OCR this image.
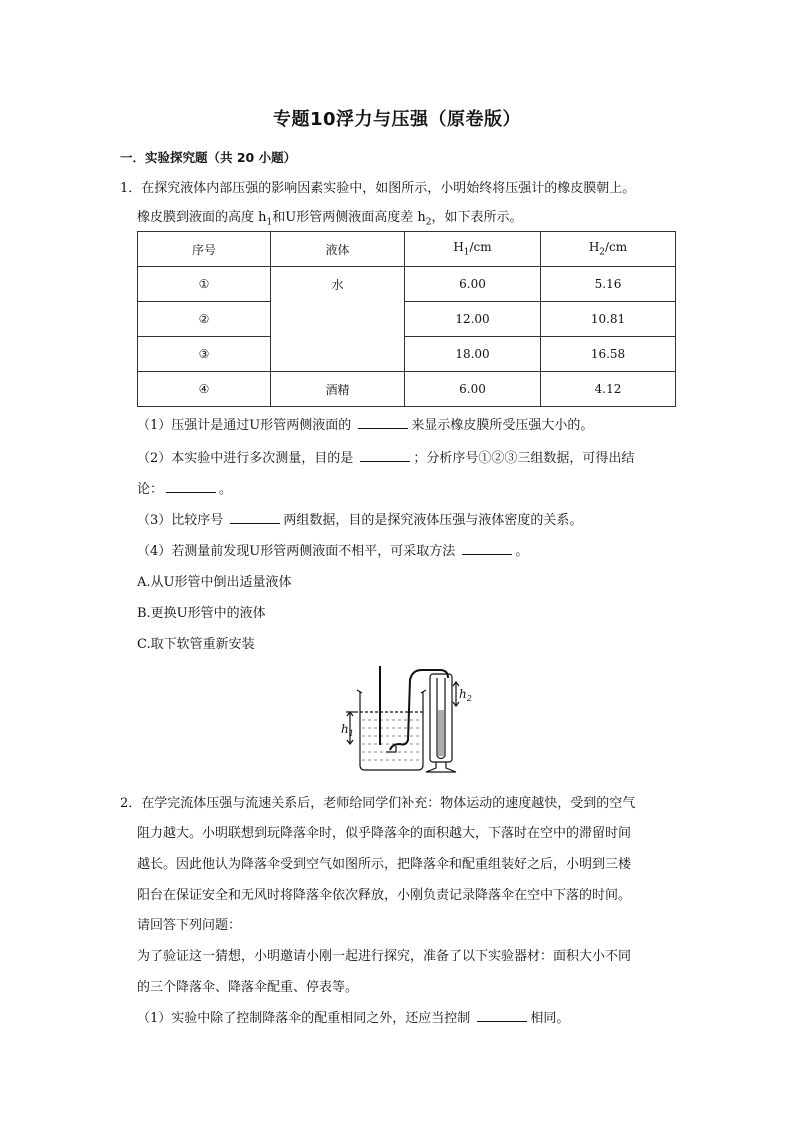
专题10浮力与压强（原卷版）
一．实验探究题（共 20 小题）
1．在探究液体内部压强的影响因素实验中，如图所示，小明始终将压强计的橡皮膜朝上。
橡皮膜到液面的高度 $h_1$和U形管两侧液面高度差 $h_2$，如下表所示。
序号	液体	$H_1/cm$	$H_2/cm$
①	水	6.00	5.16
②		12.00	10.81
③		18.00	16.58
④	酒精	6.00	4.12
（1）压强计是通过U形管两侧液面的	来显示橡皮膜所受压强大小的。
（2）本实验中进行多次测量，目的是	；分析序号①②③三组数据，可得出结
论：	。
（3）比较序号	两组数据，目的是探究液体压强与液体密度的关系。
（4）若测量前发现U形管两侧液面不相平，可采取方法	。
A.从U形管中倒出适量液体
B.更换U形管中的液体
C.取下软管重新安装
$h_1$
$h_2$
2．在学完流体压强与流速关系后，老师给同学们补充：物体运动的速度越快，受到的空气
阻力越大。小明联想到玩降落伞时，似乎降落伞的面积越大，下落时在空中的滞留时间
越长。因此他认为降落伞受到空气如图所示，把降落伞和配重组装好之后，小明到三楼
阳台在保证安全和无风时将降落伞依次释放，小刚负责记录降落伞在空中下落的时间。
请回答下列问题：
为了验证这一猜想，小明邀请小刚一起进行探究，准备了以下实验器材：面积大小不同
的三个降落伞、降落伞配重、停表等。
（1）实验中除了控制降落伞的配重相同之外，还应当控制	相同。
